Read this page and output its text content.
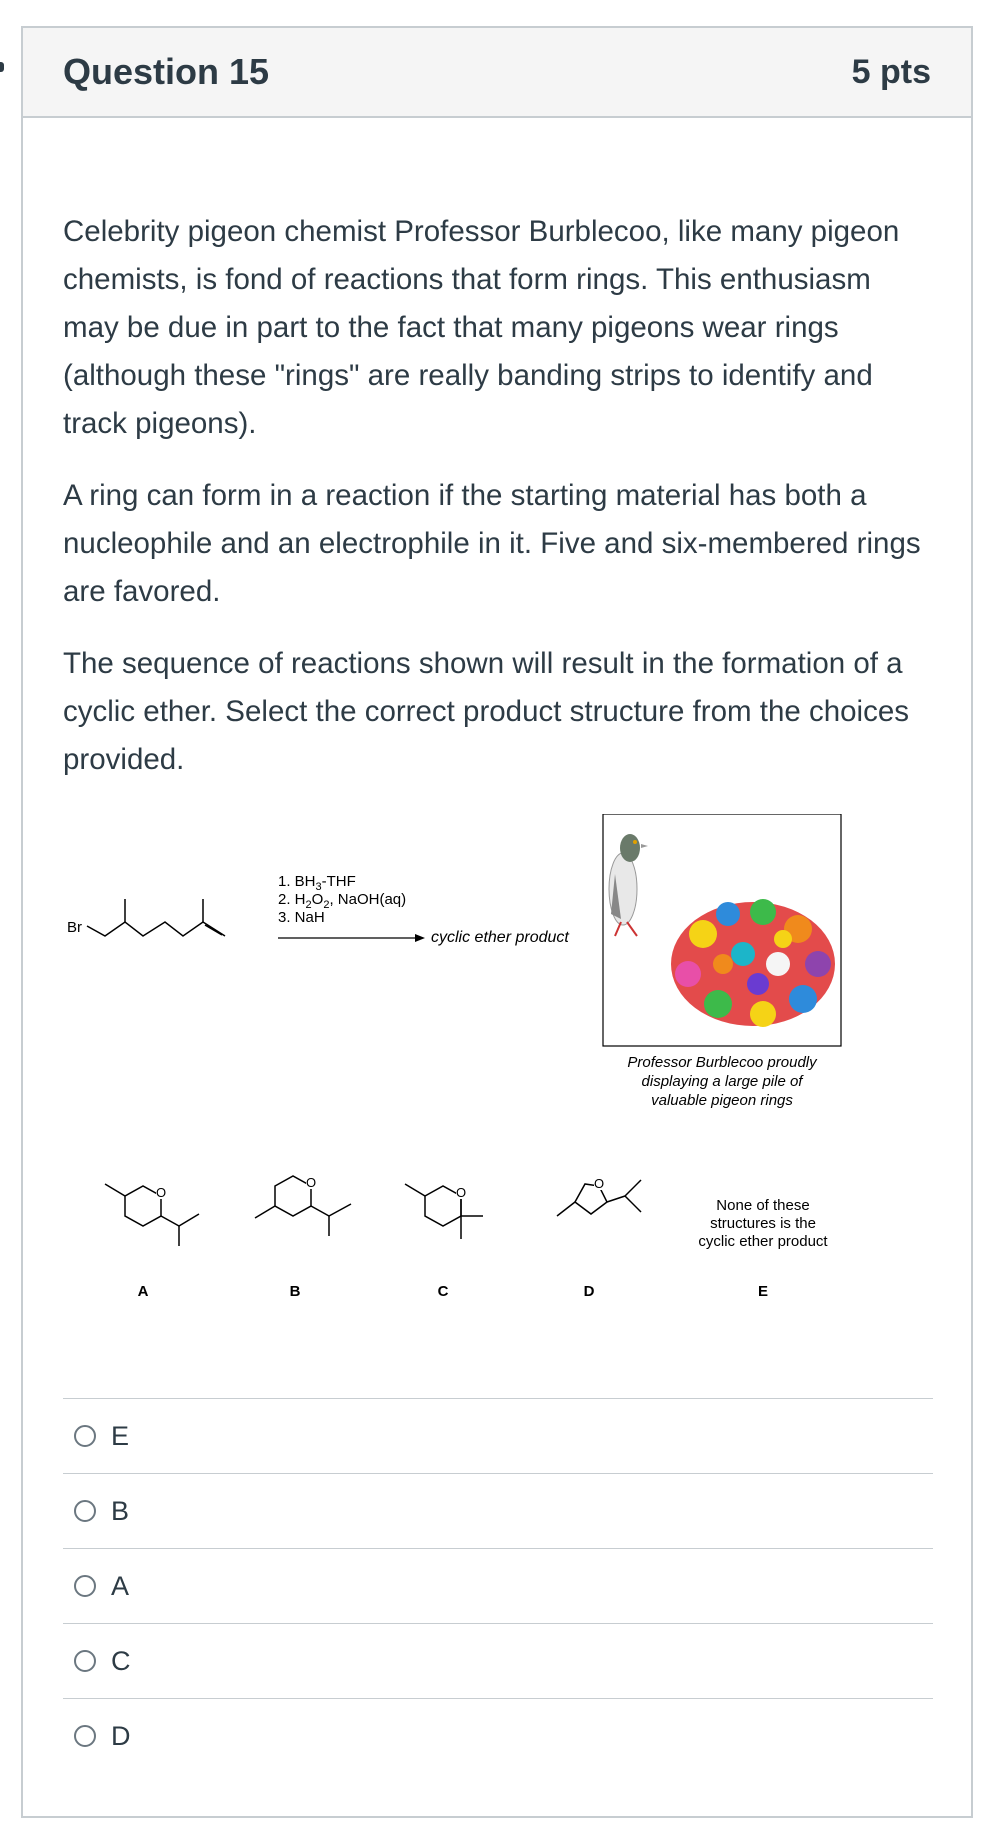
Question 15	5 pts

Celebrity pigeon chemist Professor Burblecoo, like many pigeon chemists, is fond of reactions that form rings. This enthusiasm may be due in part to the fact that many pigeons wear rings (although these "rings" are really banding strips to identify and track pigeons).

A ring can form in a reaction if the starting material has both a nucleophile and an electrophile in it. Five and six-membered rings are favored.

The sequence of reactions shown will result in the formation of a cyclic ether. Select the correct product structure from the choices provided.

Br
1. $BH_3$-THF
2. $H_2O_2$, NaOH(aq)
3. NaH
cyclic ether product
Professor Burblecoo proudly
displaying a large pile of
valuable pigeon rings
O
A
O
B
O
C
O
D
None of these
structures is the
cyclic ether product
E
E
B
A
C
D
